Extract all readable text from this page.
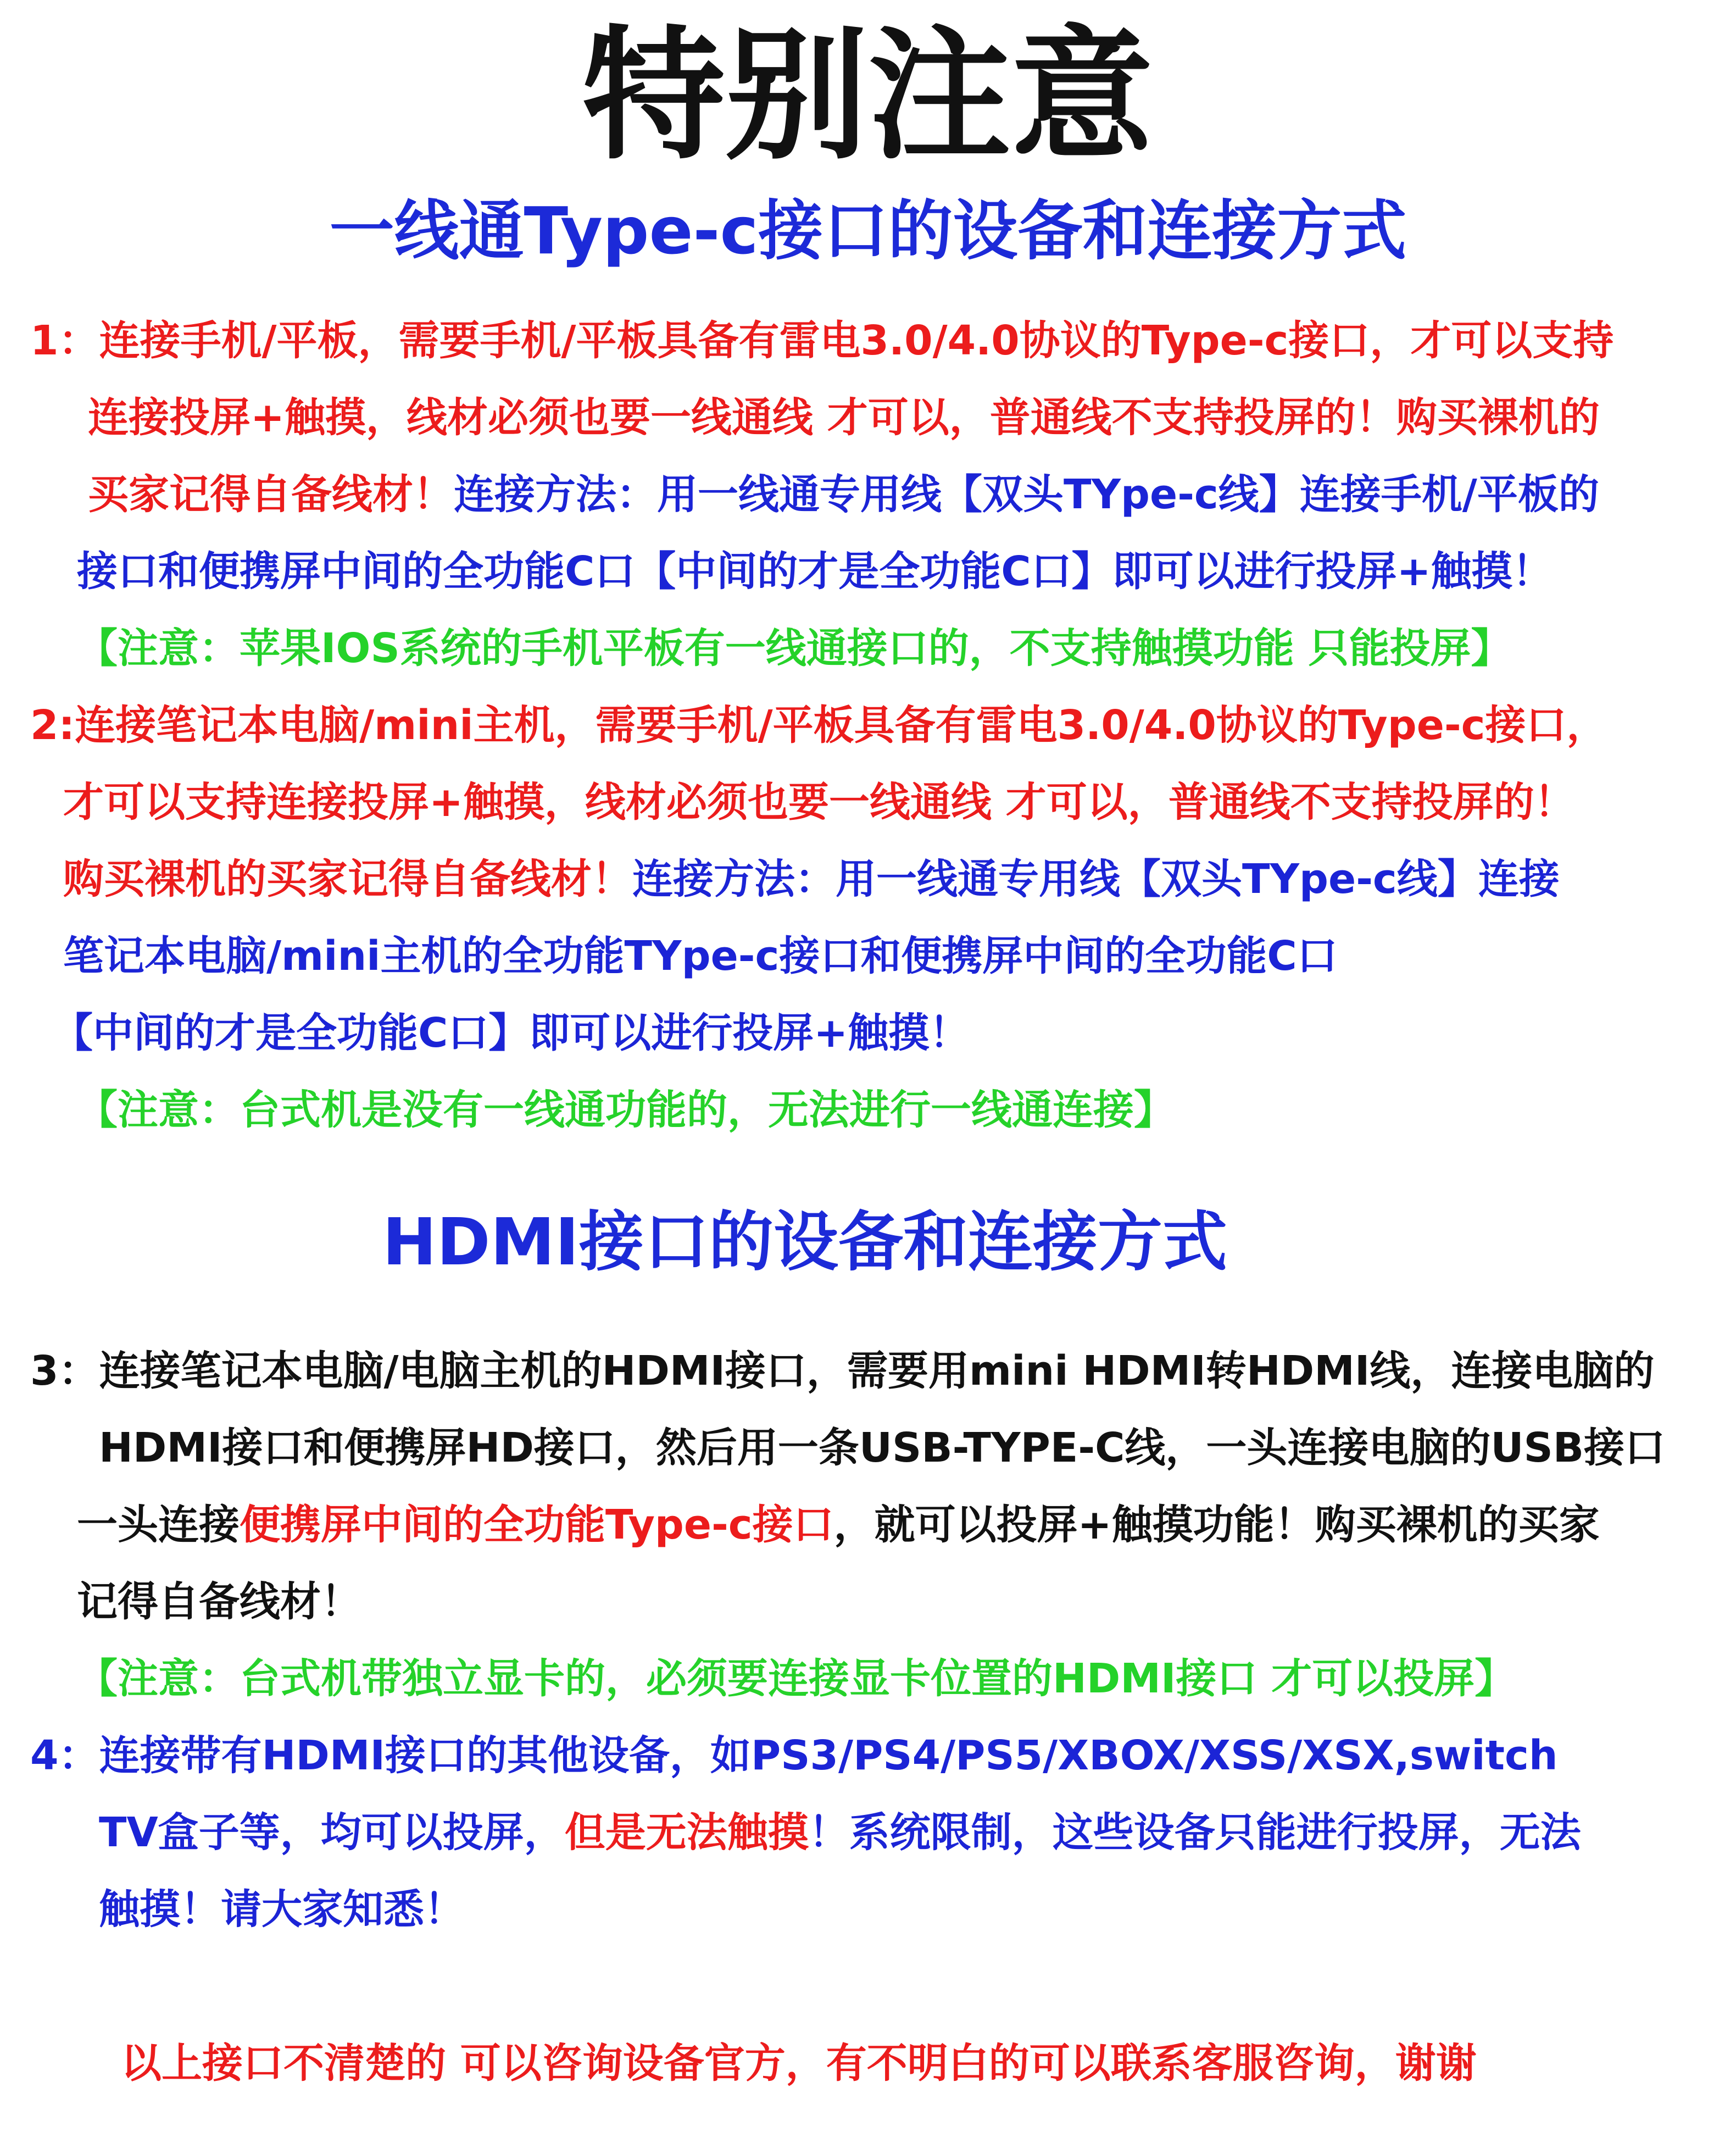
特别注意
一线通Type-c接口的设备和连接方式
1：连接手机/平板，需要手机/平板具备有雷电3.0/4.0协议的Type-c接口，才可以支持
连接投屏+触摸，线材必须也要一线通线 才可以，普通线不支持投屏的！购买裸机的
买家记得自备线材！连接方法：用一线通专用线【双头TYpe-c线】连接手机/平板的
接口和便携屏中间的全功能C口【中间的才是全功能C口】即可以进行投屏+触摸！
【注意：苹果IOS系统的手机平板有一线通接口的，不支持触摸功能 只能投屏】
2:连接笔记本电脑/mini主机，需要手机/平板具备有雷电3.0/4.0协议的Type-c接口，
才可以支持连接投屏+触摸，线材必须也要一线通线 才可以，普通线不支持投屏的！
购买裸机的买家记得自备线材！连接方法：用一线通专用线【双头TYpe-c线】连接
笔记本电脑/mini主机的全功能TYpe-c接口和便携屏中间的全功能C口
【中间的才是全功能C口】即可以进行投屏+触摸！
【注意：台式机是没有一线通功能的，无法进行一线通连接】
HDMI接口的设备和连接方式
3：连接笔记本电脑/电脑主机的HDMI接口，需要用mini HDMI转HDMI线，连接电脑的
HDMI接口和便携屏HD接口，然后用一条USB-TYPE-C线，一头连接电脑的USB接口
一头连接便携屏中间的全功能Type-c接口，就可以投屏+触摸功能！购买裸机的买家
记得自备线材！
【注意：台式机带独立显卡的，必须要连接显卡位置的HDMI接口 才可以投屏】
4：连接带有HDMI接口的其他设备，如PS3/PS4/PS5/XBOX/XSS/XSX,switch
TV盒子等，均可以投屏，但是无法触摸！系统限制，这些设备只能进行投屏，无法
触摸！请大家知悉！
以上接口不清楚的 可以咨询设备官方，有不明白的可以联系客服咨询，谢谢
